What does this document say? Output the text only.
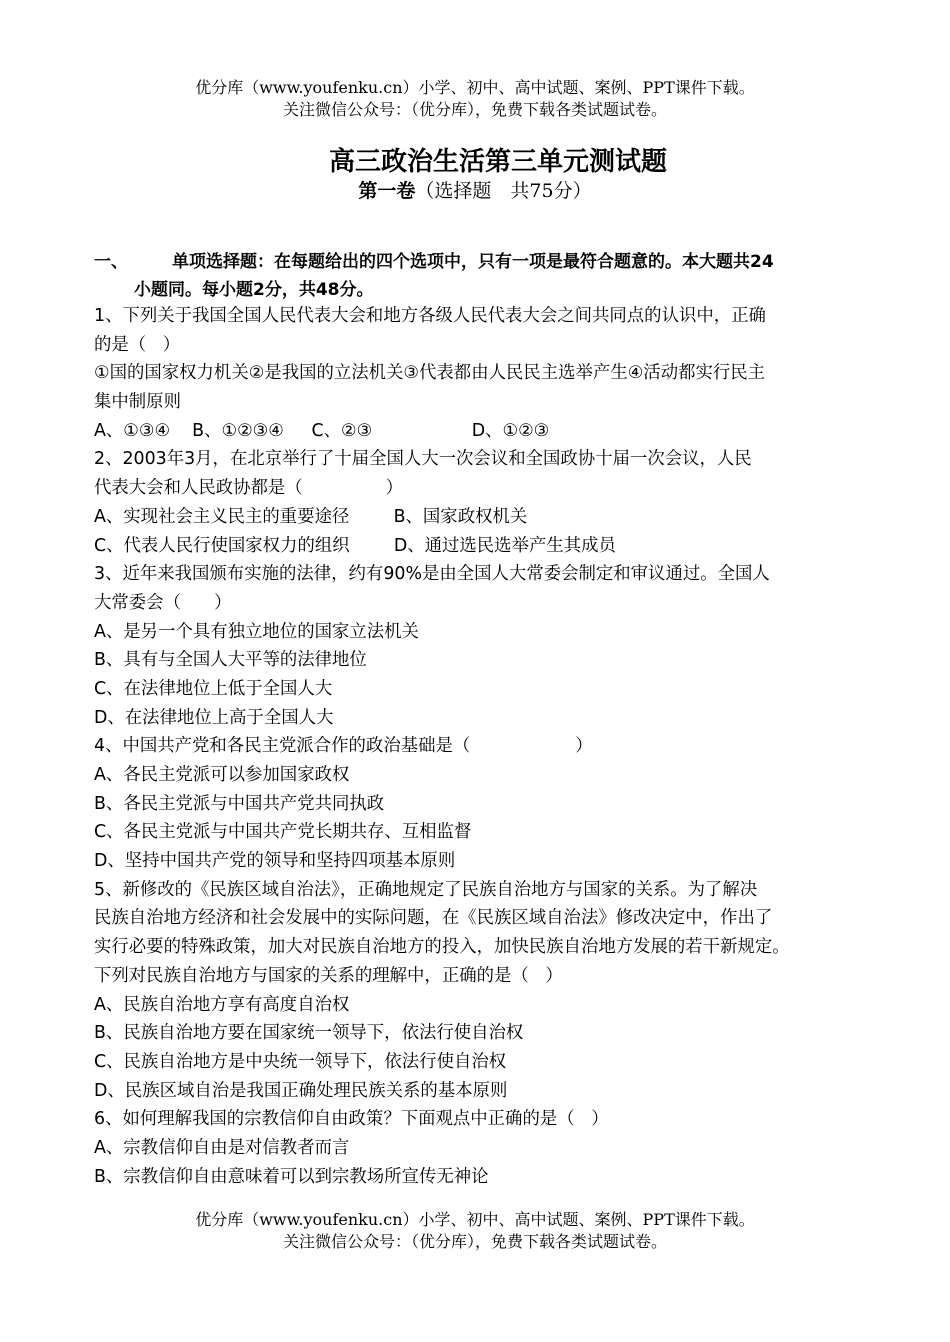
优分库（www.youfenku.cn）小学、初中、高中试题、案例、PPT课件下载。
关注微信公众号：（优分库），免费下载各类试题试卷。
高三政治生活第三单元测试题
第一卷（选择题　共75分）
一、	单项选择题：在每题给出的四个选项中，只有一项是最符合题意的。本大题共24
小题同。每小题2分，共48分。
1、下列关于我国全国人民代表大会和地方各级人民代表大会之间共同点的认识中，正确
的是（   ）
①国的国家权力机关②是我国的立法机关③代表都由人民民主选举产生④活动都实行民主
集中制原则
A、①③④    B、①②③④     C、②③                  D、①②③
2、2003年3月，在北京举行了十届全国人大一次会议和全国政协十届一次会议，人民
代表大会和人民政协都是（               ）
A、实现社会主义民主的重要途径        B、国家政权机关
C、代表人民行使国家权力的组织        D、通过选民选举产生其成员
3、近年来我国颁布实施的法律，约有90%是由全国人大常委会制定和审议通过。全国人
大常委会（      ）
A、是另一个具有独立地位的国家立法机关
B、具有与全国人大平等的法律地位
C、在法律地位上低于全国人大
D、在法律地位上高于全国人大
4、中国共产党和各民主党派合作的政治基础是（                   ）
A、各民主党派可以参加国家政权
B、各民主党派与中国共产党共同执政
C、各民主党派与中国共产党长期共存、互相监督
D、坚持中国共产党的领导和坚持四项基本原则
5、新修改的《民族区域自治法》，正确地规定了民族自治地方与国家的关系。为了解决
民族自治地方经济和社会发展中的实际问题，在《民族区域自治法》修改决定中，作出了
实行必要的特殊政策，加大对民族自治地方的投入，加快民族自治地方发展的若干新规定。
下列对民族自治地方与国家的关系的理解中，正确的是（   ）
A、民族自治地方享有高度自治权
B、民族自治地方要在国家统一领导下，依法行使自治权
C、民族自治地方是中央统一领导下，依法行使自治权
D、民族区域自治是我国正确处理民族关系的基本原则
6、如何理解我国的宗教信仰自由政策？下面观点中正确的是（   ）
A、宗教信仰自由是对信教者而言
B、宗教信仰自由意味着可以到宗教场所宣传无神论
优分库（www.youfenku.cn）小学、初中、高中试题、案例、PPT课件下载。
关注微信公众号：（优分库），免费下载各类试题试卷。
